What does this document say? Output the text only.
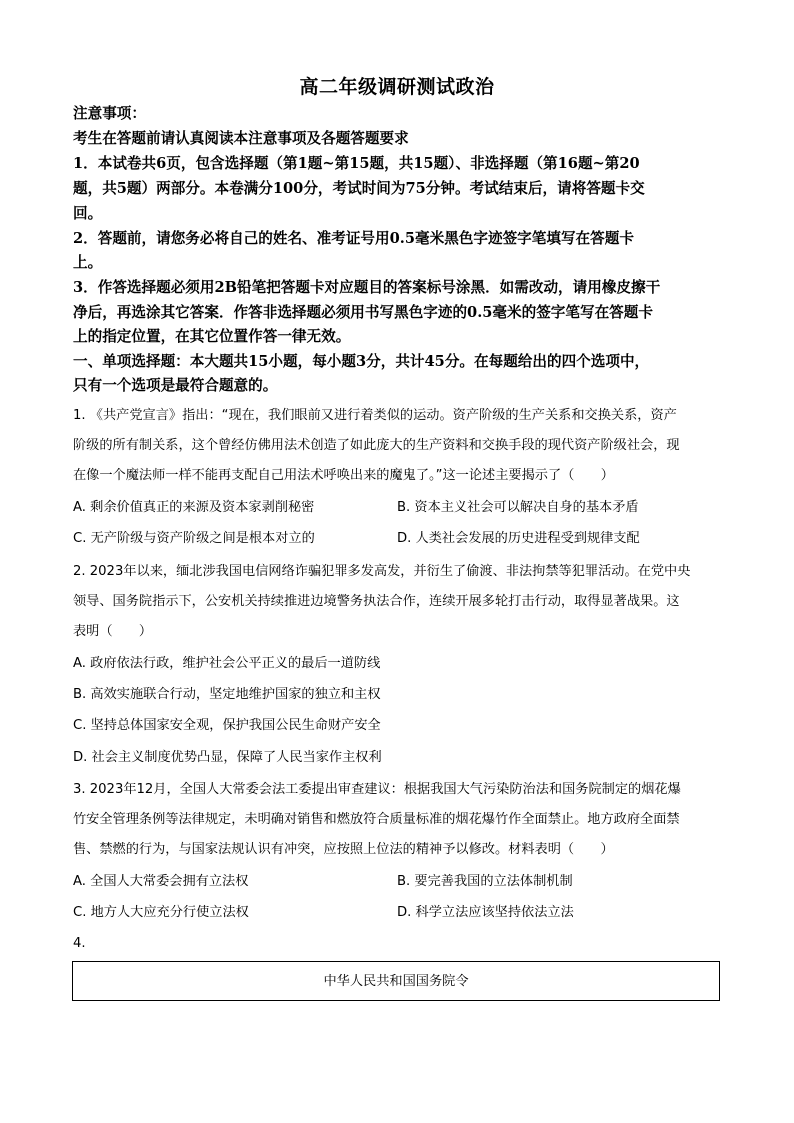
高二年级调研测试政治
注意事项：
考生在答题前请认真阅读本注意事项及各题答题要求
1．本试卷共6页，包含选择题（第1题~第15题，共15题）、非选择题（第16题~第20
题，共5题）两部分。本卷满分100分，考试时间为75分钟。考试结束后，请将答题卡交
回。
2．答题前，请您务必将自己的姓名、准考证号用0.5毫米黑色字迹签字笔填写在答题卡
上。
3．作答选择题必须用2B铅笔把答题卡对应题目的答案标号涂黑．如需改动，请用橡皮擦干
净后，再选涂其它答案．作答非选择题必须用书写黑色字迹的0.5毫米的签字笔写在答题卡
上的指定位置，在其它位置作答一律无效。
一、单项选择题：本大题共15小题，每小题3分，共计45分。在每题给出的四个选项中，
只有一个选项是最符合题意的。
1. 《共产党宣言》指出：“现在，我们眼前又进行着类似的运动。资产阶级的生产关系和交换关系，资产
阶级的所有制关系，这个曾经仿佛用法术创造了如此庞大的生产资料和交换手段的现代资产阶级社会，现
在像一个魔法师一样不能再支配自己用法术呼唤出来的魔鬼了。”这一论述主要揭示了（　　）
A. 剩余价值真正的来源及资本家剥削秘密	B. 资本主义社会可以解决自身的基本矛盾
C. 无产阶级与资产阶级之间是根本对立的	D. 人类社会发展的历史进程受到规律支配
2. 2023年以来，缅北涉我国电信网络诈骗犯罪多发高发，并衍生了偷渡、非法拘禁等犯罪活动。在党中央
领导、国务院指示下，公安机关持续推进边境警务执法合作，连续开展多轮打击行动，取得显著战果。这
表明（　　）
A. 政府依法行政，维护社会公平正义的最后一道防线
B. 高效实施联合行动，坚定地维护国家的独立和主权
C. 坚持总体国家安全观，保护我国公民生命财产安全
D. 社会主义制度优势凸显，保障了人民当家作主权利
3. 2023年12月，全国人大常委会法工委提出审查建议：根据我国大气污染防治法和国务院制定的烟花爆
竹安全管理条例等法律规定，未明确对销售和燃放符合质量标准的烟花爆竹作全面禁止。地方政府全面禁
售、禁燃的行为，与国家法规认识有冲突，应按照上位法的精神予以修改。材料表明（　　）
A. 全国人大常委会拥有立法权	B. 要完善我国的立法体制机制
C. 地方人大应充分行使立法权	D. 科学立法应该坚持依法立法
4.
中华人民共和国国务院令
